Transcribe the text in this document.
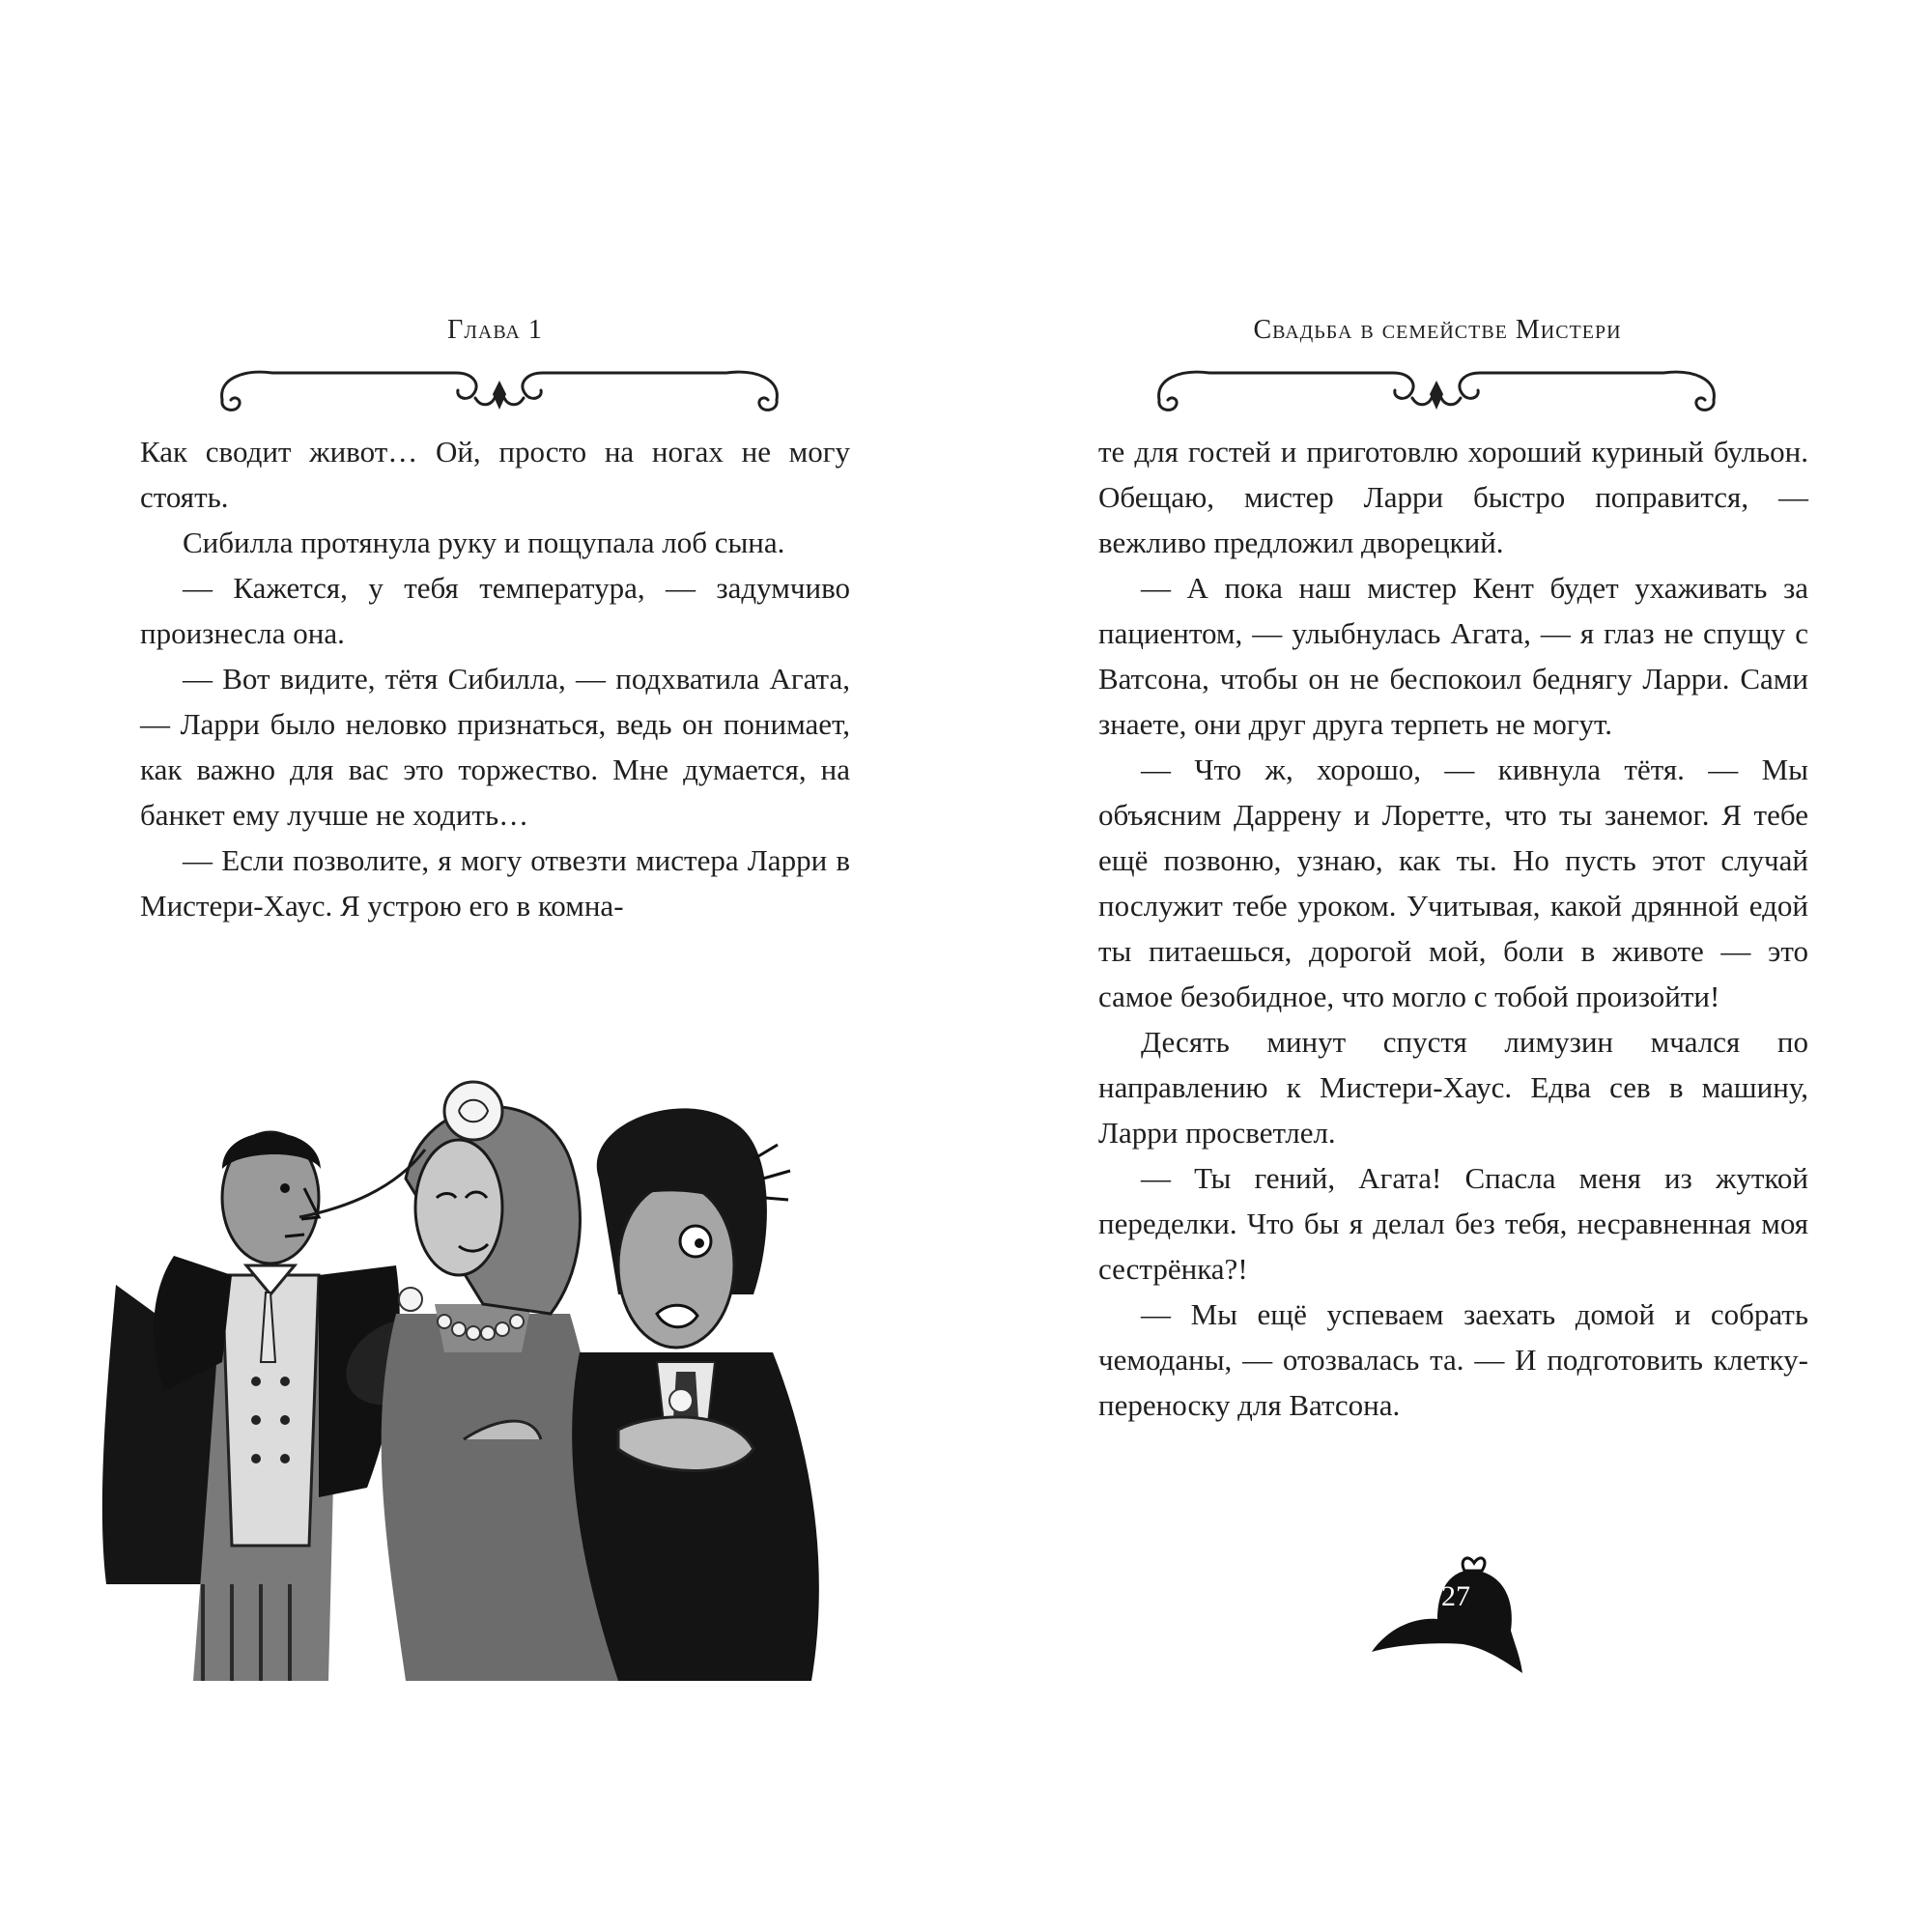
Глава 1

Как сводит живот… Ой, просто на ногах не могу стоять.

Сибилла протянула руку и пощупала лоб сына.

— Кажется, у тебя температура, — задумчиво произнесла она.

— Вот видите, тётя Сибилла, — подхватила Агата, — Ларри было неловко признаться, ведь он понимает, как важно для вас это торжество. Мне думается, на банкет ему лучше не ходить…

— Если позволите, я могу отвезти мистера Ларри в Мистери-Хаус. Я устрою его в комна-

Свадьба в семействе Мистери

те для гостей и приготовлю хороший куриный бульон. Обещаю, мистер Ларри быстро поправится, — вежливо предложил дворецкий.

— А пока наш мистер Кент будет ухаживать за пациентом, — улыбнулась Агата, — я глаз не спущу с Ватсона, чтобы он не беспокоил беднягу Ларри. Сами знаете, они друг друга терпеть не могут.

— Что ж, хорошо, — кивнула тётя. — Мы объясним Даррену и Лоретте, что ты занемог. Я тебе ещё позвоню, узнаю, как ты. Но пусть этот случай послужит тебе уроком. Учитывая, какой дрянной едой ты питаешься, дорогой мой, боли в животе — это самое безобидное, что могло с тобой произойти!

Десять минут спустя лимузин мчался по направлению к Мистери-Хаус. Едва сев в машину, Ларри просветлел.

— Ты гений, Агата! Спасла меня из жуткой переделки. Что бы я делал без тебя, несравненная моя сестрёнка?!

— Мы ещё успеваем заехать домой и собрать чемоданы, — отозвалась та. — И подготовить клетку-переноску для Ватсона.

27
